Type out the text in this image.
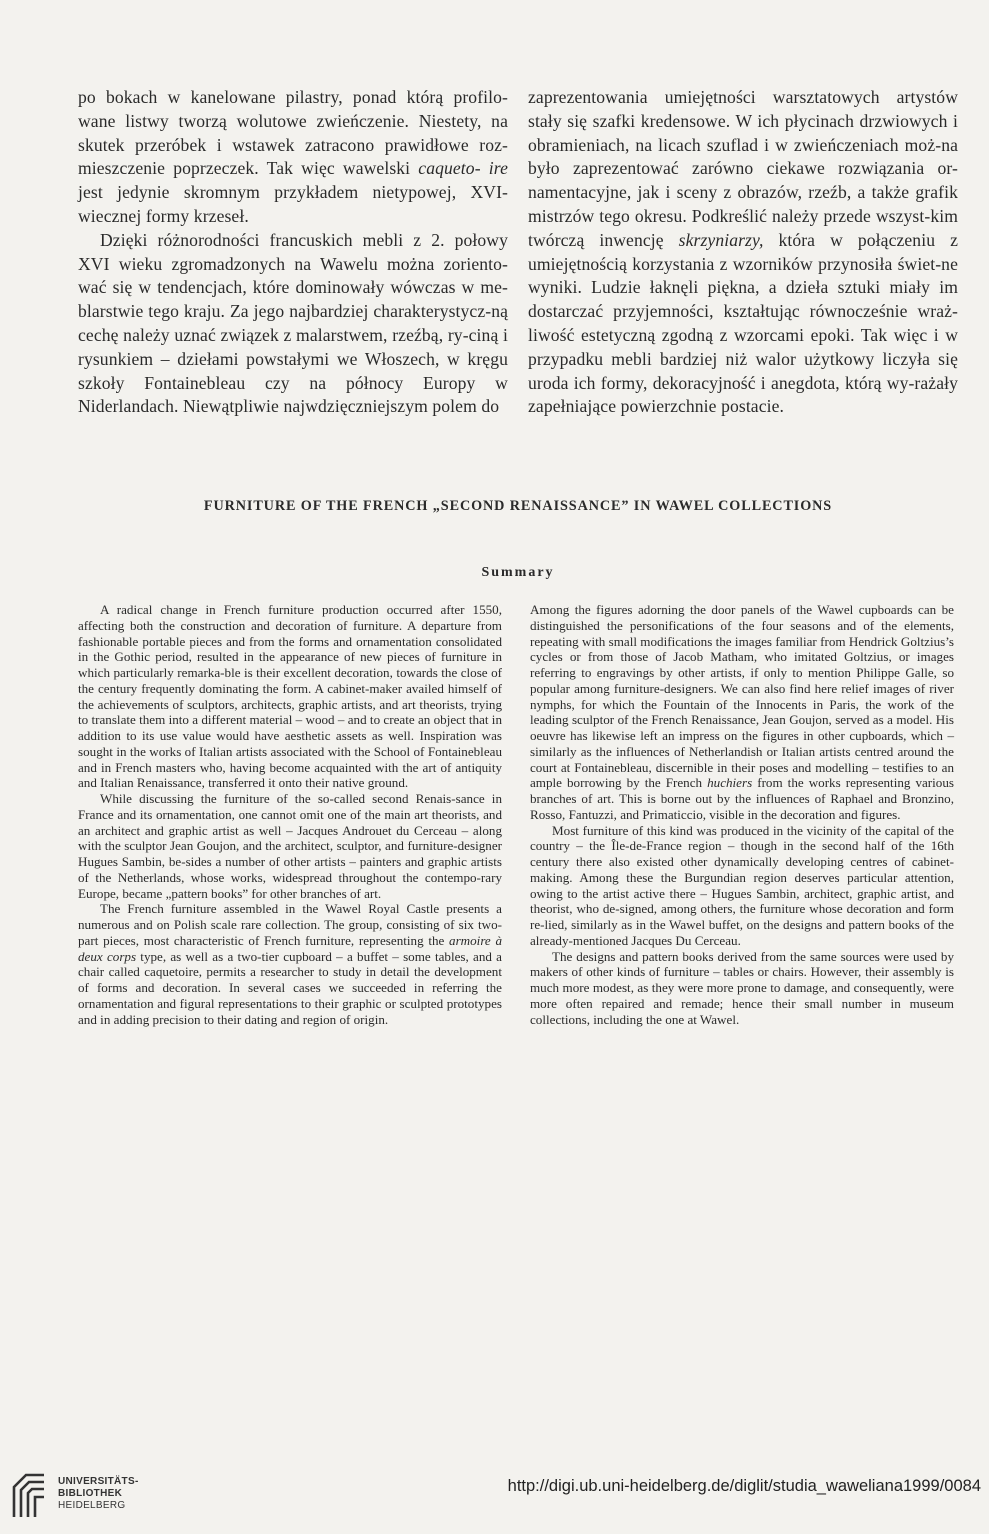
po bokach w kanelowane pilastry, ponad którą profilo- wane listwy tworzą wolutowe zwieńczenie. Niestety, na skutek przeróbek i wstawek zatracono prawidłowe roz- mieszczenie poprzeczek. Tak więc wawelski caqueto- ire jest jedynie skromnym przykładem nietypowej, XVI- wiecznej formy krzeseł.

Dzięki różnorodności francuskich mebli z 2. połowy XVI wieku zgromadzonych na Wawelu można zoriento-wać się w tendencjach, które dominowały wówczas w me-blarstwie tego kraju. Za jego najbardziej charakterystycz-ną cechę należy uznać związek z malarstwem, rzeźbą, ry-ciną i rysunkiem – dziełami powstałymi we Włoszech, w kręgu szkoły Fontainebleau czy na północy Europy w Niderlandach. Niewątpliwie najwdzięczniejszym polem do

zaprezentowania umiejętności warsztatowych artystów stały się szafki kredensowe. W ich płycinach drzwiowych i obramieniach, na licach szuflad i w zwieńczeniach moż-na było zaprezentować zarówno ciekawe rozwiązania or-namentacyjne, jak i sceny z obrazów, rzeźb, a także grafik mistrzów tego okresu. Podkreślić należy przede wszyst-kim twórczą inwencję skrzyniarzy, która w połączeniu z umiejętnością korzystania z wzorników przynosiła świet-ne wyniki. Ludzie łaknęli piękna, a dzieła sztuki miały im dostarczać przyjemności, kształtując równocześnie wraż-liwość estetyczną zgodną z wzorcami epoki. Tak więc i w przypadku mebli bardziej niż walor użytkowy liczyła się uroda ich formy, dekoracyjność i anegdota, którą wy-rażały zapełniające powierzchnie postacie.

FURNITURE OF THE FRENCH „SECOND RENAISSANCE” IN WAWEL COLLECTIONS
Summary

A radical change in French furniture production occurred after 1550, affecting both the construction and decoration of furniture. A departure from fashionable portable pieces and from the forms and ornamentation consolidated in the Gothic period, resulted in the appearance of new pieces of furniture in which particularly remarka-ble is their excellent decoration, towards the close of the century frequently dominating the form. A cabinet-maker availed himself of the achievements of sculptors, architects, graphic artists, and art theorists, trying to translate them into a different material – wood – and to create an object that in addition to its use value would have aesthetic assets as well. Inspiration was sought in the works of Italian artists associated with the School of Fontainebleau and in French masters who, having become acquainted with the art of antiquity and Italian Renaissance, transferred it onto their native ground.

While discussing the furniture of the so-called second Renais-sance in France and its ornamentation, one cannot omit one of the main art theorists, and an architect and graphic artist as well – Jacques Androuet du Cerceau – along with the sculptor Jean Goujon, and the architect, sculptor, and furniture-designer Hugues Sambin, be-sides a number of other artists – painters and graphic artists of the Netherlands, whose works, widespread throughout the contempo-rary Europe, became „pattern books” for other branches of art.

The French furniture assembled in the Wawel Royal Castle presents a numerous and on Polish scale rare collection. The group, consisting of six two-part pieces, most characteristic of French furniture, representing the armoire à deux corps type, as well as a two-tier cupboard – a buffet – some tables, and a chair called caquetoire, permits a researcher to study in detail the development of forms and decoration. In several cases we succeeded in referring the ornamentation and figural representations to their graphic or sculpted prototypes and in adding precision to their dating and region of origin.

Among the figures adorning the door panels of the Wawel cupboards can be distinguished the personifications of the four seasons and of the elements, repeating with small modifications the images familiar from Hendrick Goltzius’s cycles or from those of Jacob Matham, who imitated Goltzius, or images referring to engravings by other artists, if only to mention Philippe Galle, so popular among furniture-designers. We can also find here relief images of river nymphs, for which the Fountain of the Innocents in Paris, the work of the leading sculptor of the French Renaissance, Jean Goujon, served as a model. His oeuvre has likewise left an impress on the figures in other cupboards, which – similarly as the influences of Netherlandish or Italian artists centred around the court at Fontainebleau, discernible in their poses and modelling – testifies to an ample borrowing by the French huchiers from the works representing various branches of art. This is borne out by the influences of Raphael and Bronzino, Rosso, Fantuzzi, and Primaticcio, visible in the decoration and figures.

Most furniture of this kind was produced in the vicinity of the capital of the country – the Île-de-France region – though in the second half of the 16th century there also existed other dynamically developing centres of cabinet-making. Among these the Burgundian region deserves particular attention, owing to the artist active there – Hugues Sambin, architect, graphic artist, and theorist, who de-signed, among others, the furniture whose decoration and form re-lied, similarly as in the Wawel buffet, on the designs and pattern books of the already-mentioned Jacques Du Cerceau.

The designs and pattern books derived from the same sources were used by makers of other kinds of furniture – tables or chairs. However, their assembly is much more modest, as they were more prone to damage, and consequently, were more often repaired and remade; hence their small number in museum collections, including the one at Wawel.

UNIVERSITÄTS-
BIBLIOTHEK
HEIDELBERG
http://digi.ub.uni-heidelberg.de/diglit/studia_waweliana1999/0084
